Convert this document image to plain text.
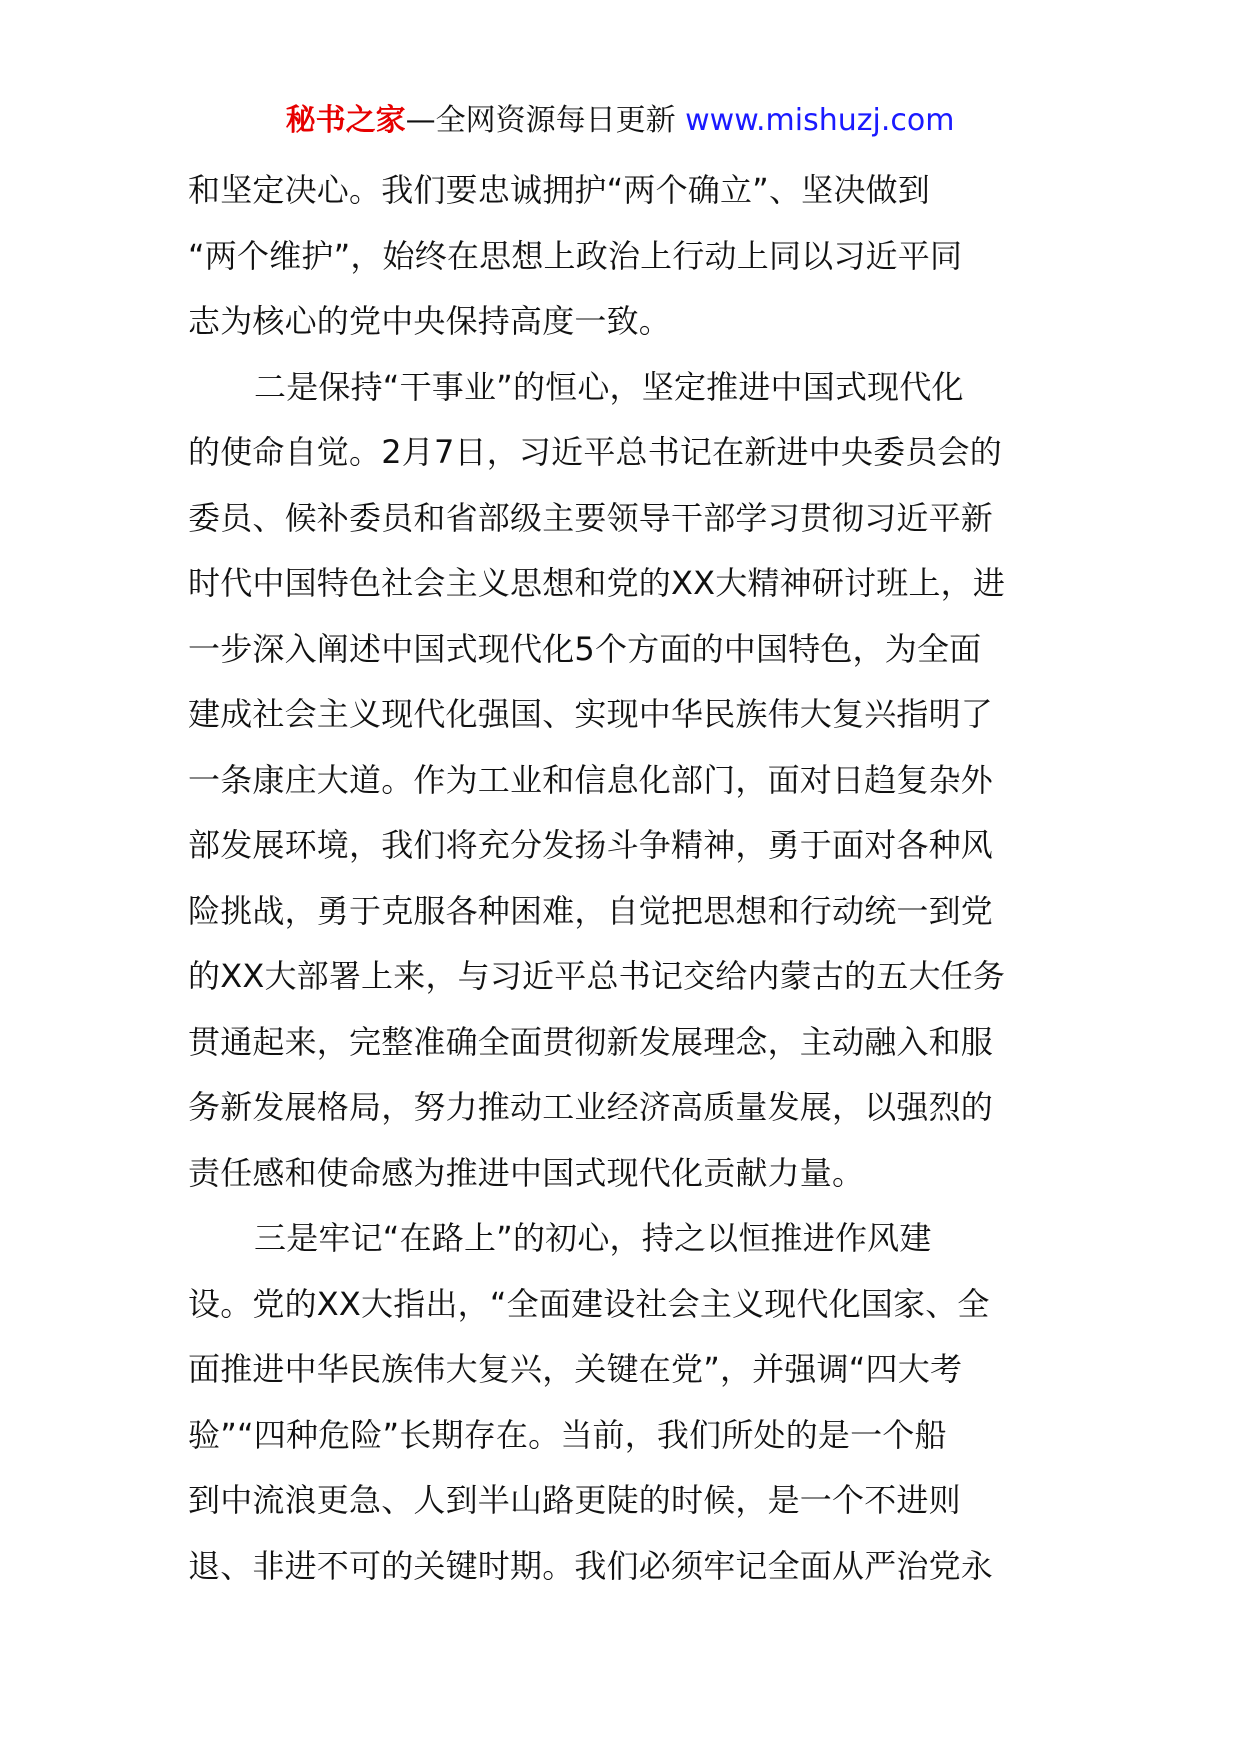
秘书之家—全网资源每日更新 www.mishuzj.com
和坚定决心。我们要忠诚拥护“两个确立”、坚决做到
“两个维护”，始终在思想上政治上行动上同以习近平同
志为核心的党中央保持高度一致。
二是保持“干事业”的恒心，坚定推进中国式现代化
的使命自觉。2月7日，习近平总书记在新进中央委员会的
委员、候补委员和省部级主要领导干部学习贯彻习近平新
时代中国特色社会主义思想和党的XX大精神研讨班上，进
一步深入阐述中国式现代化5个方面的中国特色，为全面
建成社会主义现代化强国、实现中华民族伟大复兴指明了
一条康庄大道。作为工业和信息化部门，面对日趋复杂外
部发展环境，我们将充分发扬斗争精神，勇于面对各种风
险挑战，勇于克服各种困难，自觉把思想和行动统一到党
的XX大部署上来，与习近平总书记交给内蒙古的五大任务
贯通起来，完整准确全面贯彻新发展理念，主动融入和服
务新发展格局，努力推动工业经济高质量发展，以强烈的
责任感和使命感为推进中国式现代化贡献力量。
三是牢记“在路上”的初心，持之以恒推进作风建
设。党的XX大指出，“全面建设社会主义现代化国家、全
面推进中华民族伟大复兴，关键在党”，并强调“四大考
验”“四种危险”长期存在。当前，我们所处的是一个船
到中流浪更急、人到半山路更陡的时候，是一个不进则
退、非进不可的关键时期。我们必须牢记全面从严治党永
